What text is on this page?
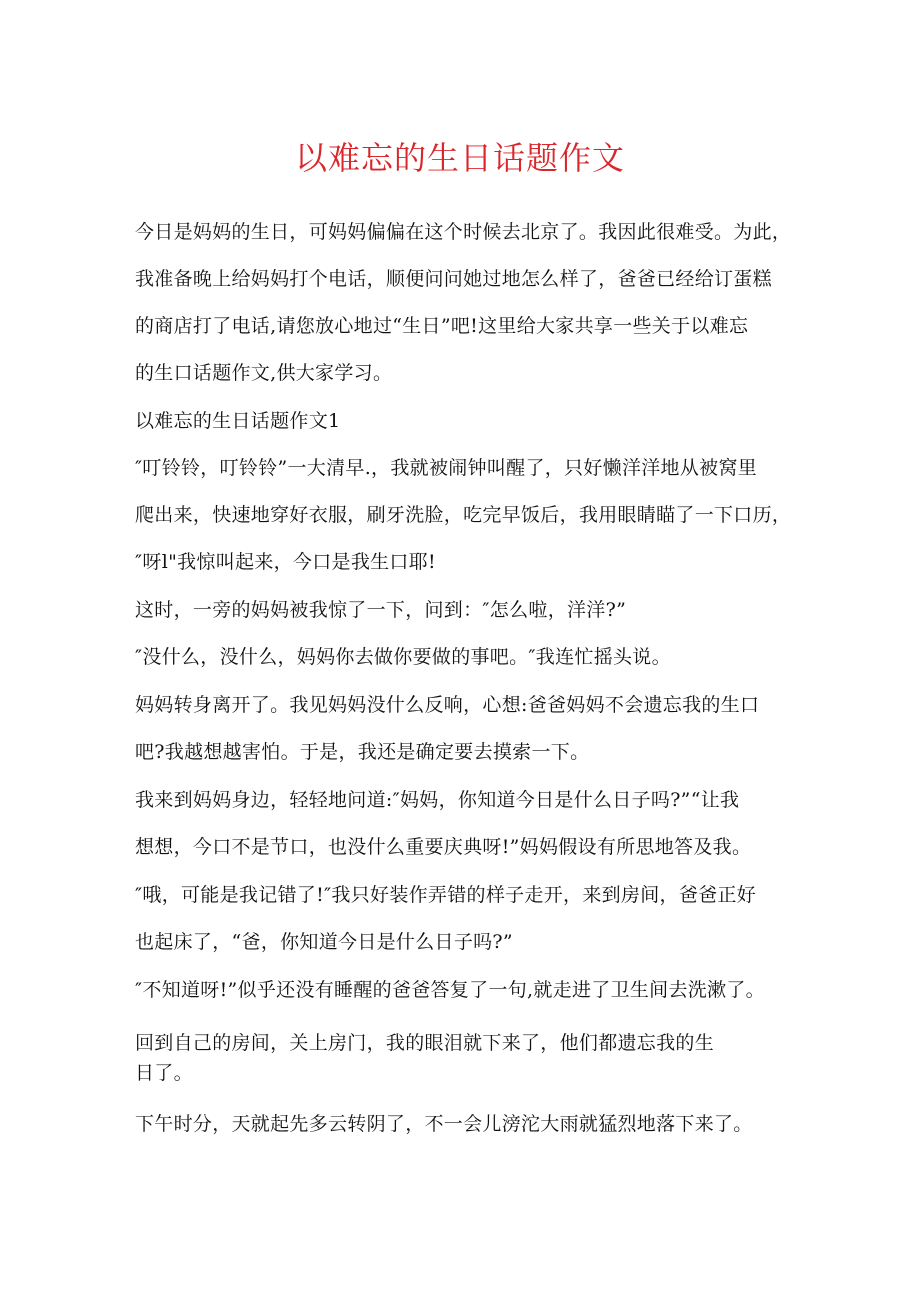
以难忘的生日话题作文
今日是妈妈的生日，可妈妈偏偏在这个时候去北京了。我因此很难受。为此，
我准备晚上给妈妈打个电话，顺便问问她过地怎么样了，爸爸已经给订蛋糕
的商店打了电话,请您放心地过“生日”吧!这里给大家共享一些关于以难忘
的生口话题作文,供大家学习。
以难忘的生日话题作文1
″叮铃铃，叮铃铃”一大清早.，我就被闹钟叫醒了，只好懒洋洋地从被窝里
爬出来，快速地穿好衣服，刷牙洗脸，吃完早饭后，我用眼睛瞄了一下口历，
″呀l"我惊叫起来，今口是我生口耶!
这时，一旁的妈妈被我惊了一下，问到：″怎么啦，洋洋?”
″没什么，没什么，妈妈你去做你要做的事吧。″我连忙摇头说。
妈妈转身离开了。我见妈妈没什么反响，心想:爸爸妈妈不会遗忘我的生口
吧?我越想越害怕。于是，我还是确定要去摸索一下。
我来到妈妈身边，轻轻地问道:″妈妈，你知道今日是什么日子吗?”“让我
想想，今口不是节口，也没什么重要庆典呀!”妈妈假设有所思地答及我。
″哦，可能是我记错了!″我只好装作弄错的样子走开，来到房间，爸爸正好
也起床了，“爸，你知道今日是什么日子吗?”
″不知道呀!”似乎还没有睡醒的爸爸答复了一句,就走进了卫生间去洗漱了。
回到自己的房间，关上房门，我的眼泪就下来了，他们都遗忘我的生
日了。
下午时分，天就起先多云转阴了，不一会儿滂沱大雨就猛烈地落下来了。
